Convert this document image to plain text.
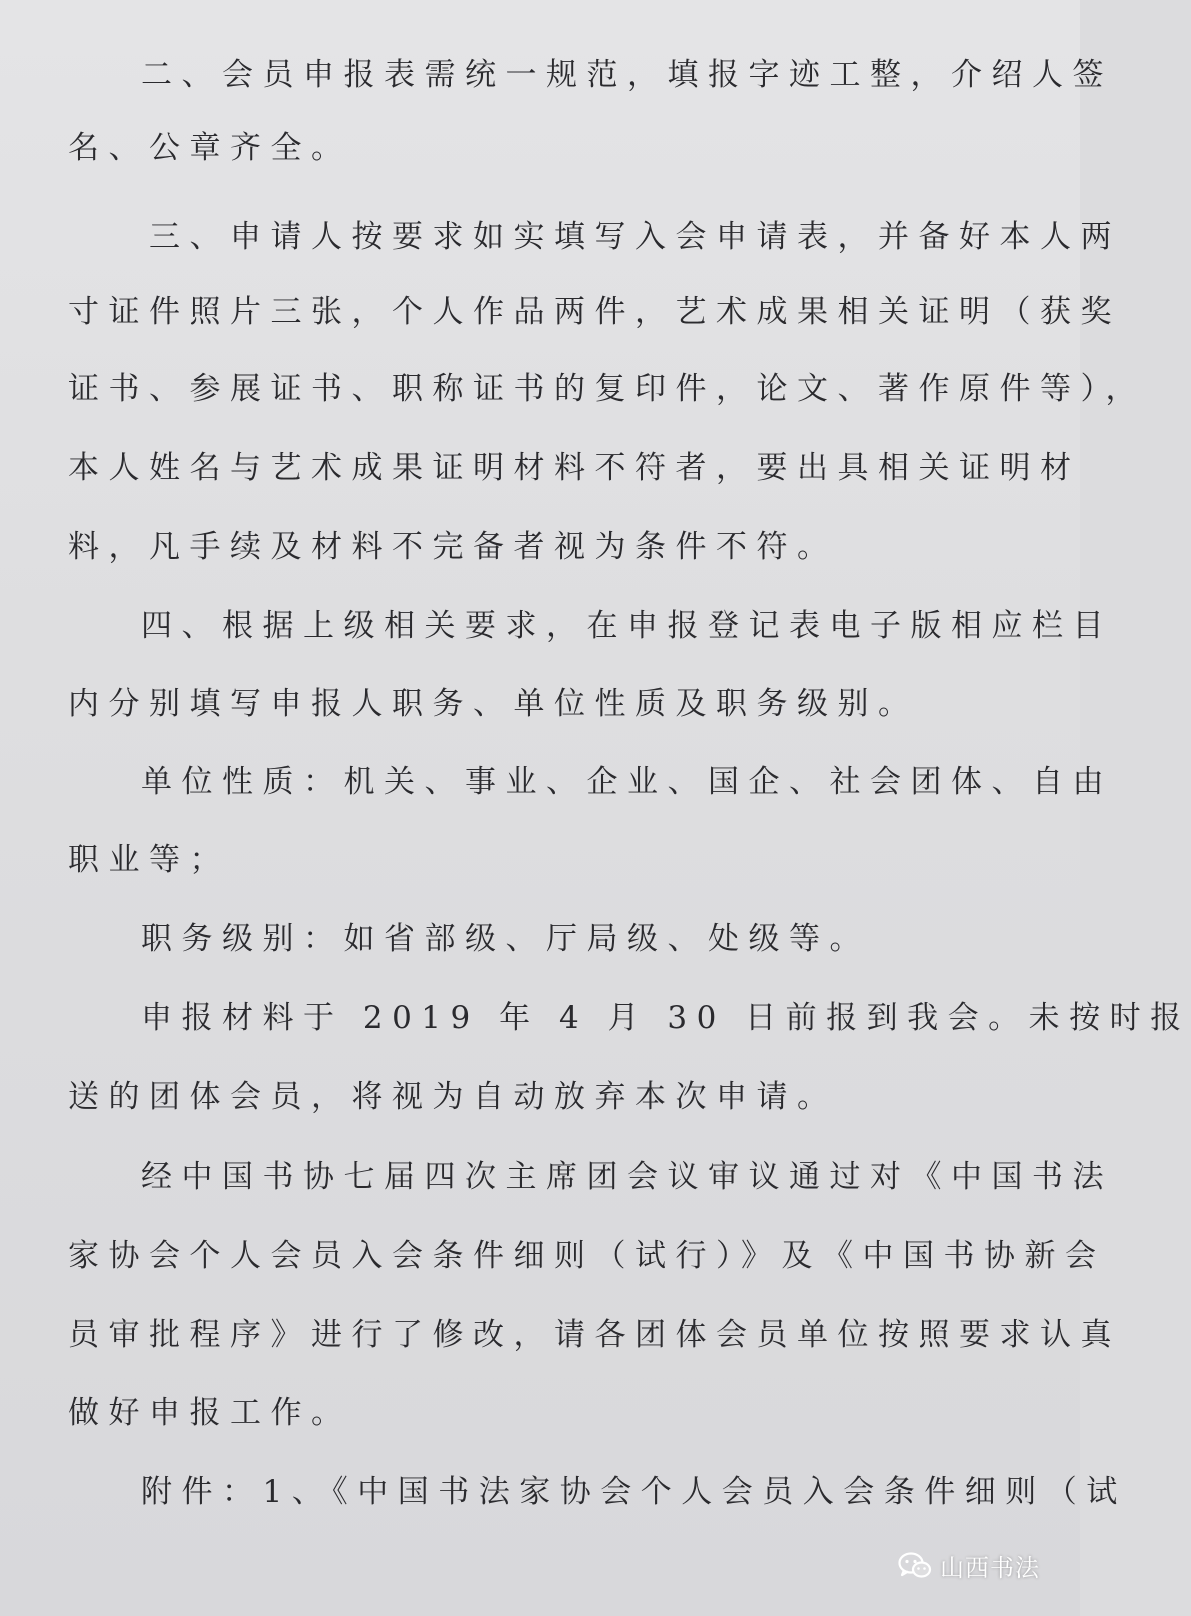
二、会员申报表需统一规范，填报字迹工整，介绍人签
名、公章齐全。
三、申请人按要求如实填写入会申请表，并备好本人两
寸证件照片三张，个人作品两件，艺术成果相关证明（获奖
证书、参展证书、职称证书的复印件，论文、著作原件等），
本人姓名与艺术成果证明材料不符者，要出具相关证明材
料，凡手续及材料不完备者视为条件不符。
四、根据上级相关要求，在申报登记表电子版相应栏目
内分别填写申报人职务、单位性质及职务级别。
单位性质：机关、事业、企业、国企、社会团体、自由
职业等；
职务级别：如省部级、厅局级、处级等。
申报材料于 2019 年 4 月 30 日前报到我会。未按时报
送的团体会员，将视为自动放弃本次申请。
经中国书协七届四次主席团会议审议通过对《中国书法
家协会个人会员入会条件细则（试行）》及《中国书协新会
员审批程序》进行了修改，请各团体会员单位按照要求认真
做好申报工作。
附件：1、《中国书法家协会个人会员入会条件细则（试
山西书法
